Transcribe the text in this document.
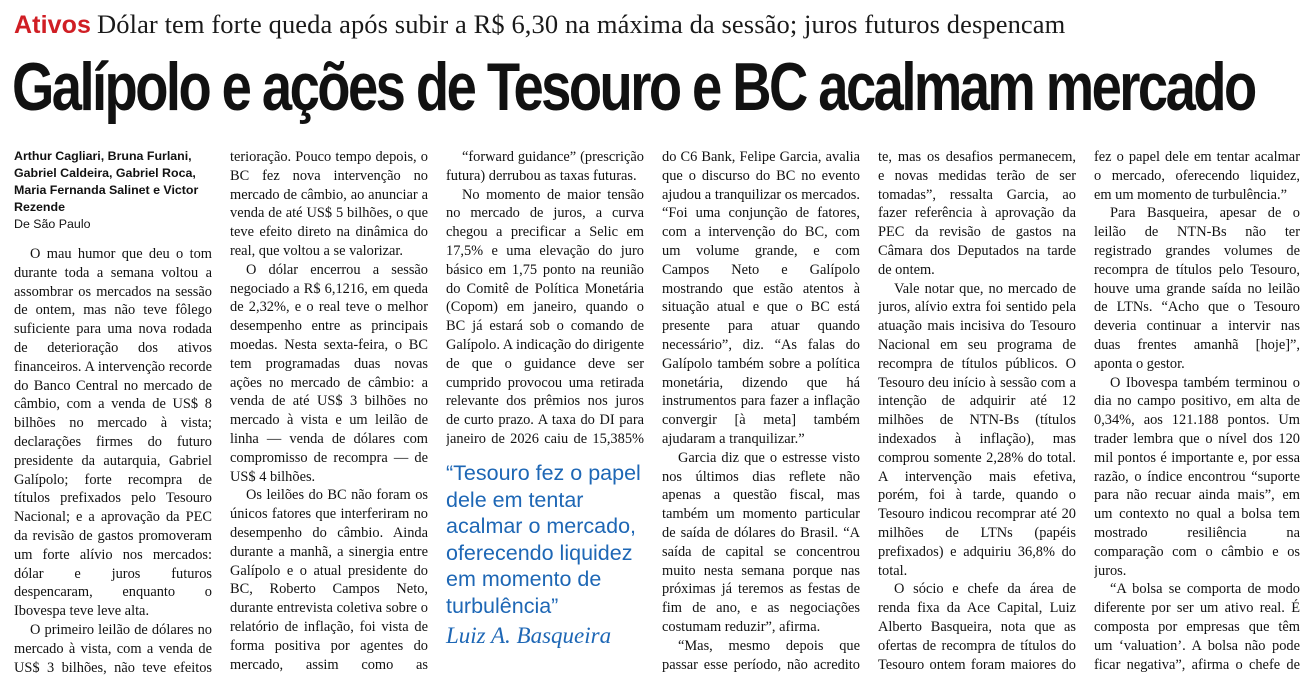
Ativos Dólar tem forte queda após subir a R$ 6,30 na máxima da sessão; juros futuros despencam
Galípolo e ações de Tesouro e BC acalmam mercado
Arthur Cagliari, Bruna Furlani, Gabriel Caldeira, Gabriel Roca, Maria Fernanda Salinet e Victor Rezende
De São Paulo

O mau humor que deu o tom durante toda a semana voltou a assombrar os mercados na sessão de ontem, mas não teve fôlego suficiente para uma nova rodada de deterioração dos ativos financeiros. A intervenção recorde do Banco Central no mercado de câmbio, com a venda de US$ 8 bilhões no mercado à vista; declarações firmes do futuro presidente da autarquia, Gabriel Galípolo; forte recompra de títulos prefixados pelo Tesouro Nacional; e a aprovação da PEC da revisão de gastos promoveram um forte alívio nos mercados: dólar e juros futuros despencaram, enquanto o Ibovespa teve leve alta.

O primeiro leilão de dólares no mercado à vista, com a venda de US$ 3 bilhões, não teve efeitos

terioração. Pouco tempo depois, o BC fez nova intervenção no mercado de câmbio, ao anunciar a venda de até US$ 5 bilhões, o que teve efeito direto na dinâmica do real, que voltou a se valorizar.

O dólar encerrou a sessão negociado a R$ 6,1216, em queda de 2,32%, e o real teve o melhor desempenho entre as principais moedas. Nesta sexta-feira, o BC tem programadas duas novas ações no mercado de câmbio: a venda de até US$ 3 bilhões no mercado à vista e um leilão de linha — venda de dólares com compromisso de recompra — de US$ 4 bilhões.

Os leilões do BC não foram os únicos fatores que interferiram no desempenho do câmbio. Ainda durante a manhã, a sinergia entre Galípolo e o atual presidente do BC, Roberto Campos Neto, durante entrevista coletiva sobre o relatório de inflação, foi vista de forma positiva por agentes do mercado, assim como as

“forward guidance” (prescrição futura) derrubou as taxas futuras.

No momento de maior tensão no mercado de juros, a curva chegou a precificar a Selic em 17,5% e uma elevação do juro básico em 1,75 ponto na reunião do Comitê de Política Monetária (Copom) em janeiro, quando o BC já estará sob o comando de Galípolo. A indicação do dirigente de que o guidance deve ser cumprido provocou uma retirada relevante dos prêmios nos juros de curto prazo. A taxa do DI para janeiro de 2026 caiu de 15,385%

“Tesouro fez o papel dele em tentar acalmar o mercado, oferecendo liquidez em momento de turbulência”
Luiz A. Basqueira

do C6 Bank, Felipe Garcia, avalia que o discurso do BC no evento ajudou a tranquilizar os mercados. “Foi uma conjunção de fatores, com a intervenção do BC, com um volume grande, e com Campos Neto e Galípolo mostrando que estão atentos à situação atual e que o BC está presente para atuar quando necessário”, diz. “As falas do Galípolo também sobre a política monetária, dizendo que há instrumentos para fazer a inflação convergir [à meta] também ajudaram a tranquilizar.”

Garcia diz que o estresse visto nos últimos dias reflete não apenas a questão fiscal, mas também um momento particular de saída de dólares do Brasil. “A saída de capital se concentrou muito nesta semana porque nas próximas já teremos as festas de fim de ano, e as negociações costumam reduzir”, afirma.

“Mas, mesmo depois que passar esse período, não acredito

te, mas os desafios permanecem, e novas medidas terão de ser tomadas”, ressalta Garcia, ao fazer referência à aprovação da PEC da revisão de gastos na Câmara dos Deputados na tarde de ontem.

Vale notar que, no mercado de juros, alívio extra foi sentido pela atuação mais incisiva do Tesouro Nacional em seu programa de recompra de títulos públicos. O Tesouro deu início à sessão com a intenção de adquirir até 12 milhões de NTN-Bs (títulos indexados à inflação), mas comprou somente 2,28% do total. A intervenção mais efetiva, porém, foi à tarde, quando o Tesouro indicou recomprar até 20 milhões de LTNs (papéis prefixados) e adquiriu 36,8% do total.

O sócio e chefe da área de renda fixa da Ace Capital, Luiz Alberto Basqueira, nota que as ofertas de recompra de títulos do Tesouro ontem foram maiores do

fez o papel dele em tentar acalmar o mercado, oferecendo liquidez, em um momento de turbulência.”

Para Basqueira, apesar de o leilão de NTN-Bs não ter registrado grandes volumes de recompra de títulos pelo Tesouro, houve uma grande saída no leilão de LTNs. “Acho que o Tesouro deveria continuar a intervir nas duas frentes amanhã [hoje]”, aponta o gestor.

O Ibovespa também terminou o dia no campo positivo, em alta de 0,34%, aos 121.188 pontos. Um trader lembra que o nível dos 120 mil pontos é importante e, por essa razão, o índice encontrou “suporte para não recuar ainda mais”, em um contexto no qual a bolsa tem mostrado resiliência na comparação com o câmbio e os juros.

“A bolsa se comporta de modo diferente por ser um ativo real. É composta por empresas que têm um ‘valuation’. A bolsa não pode ficar negativa”, afirma o chefe de
